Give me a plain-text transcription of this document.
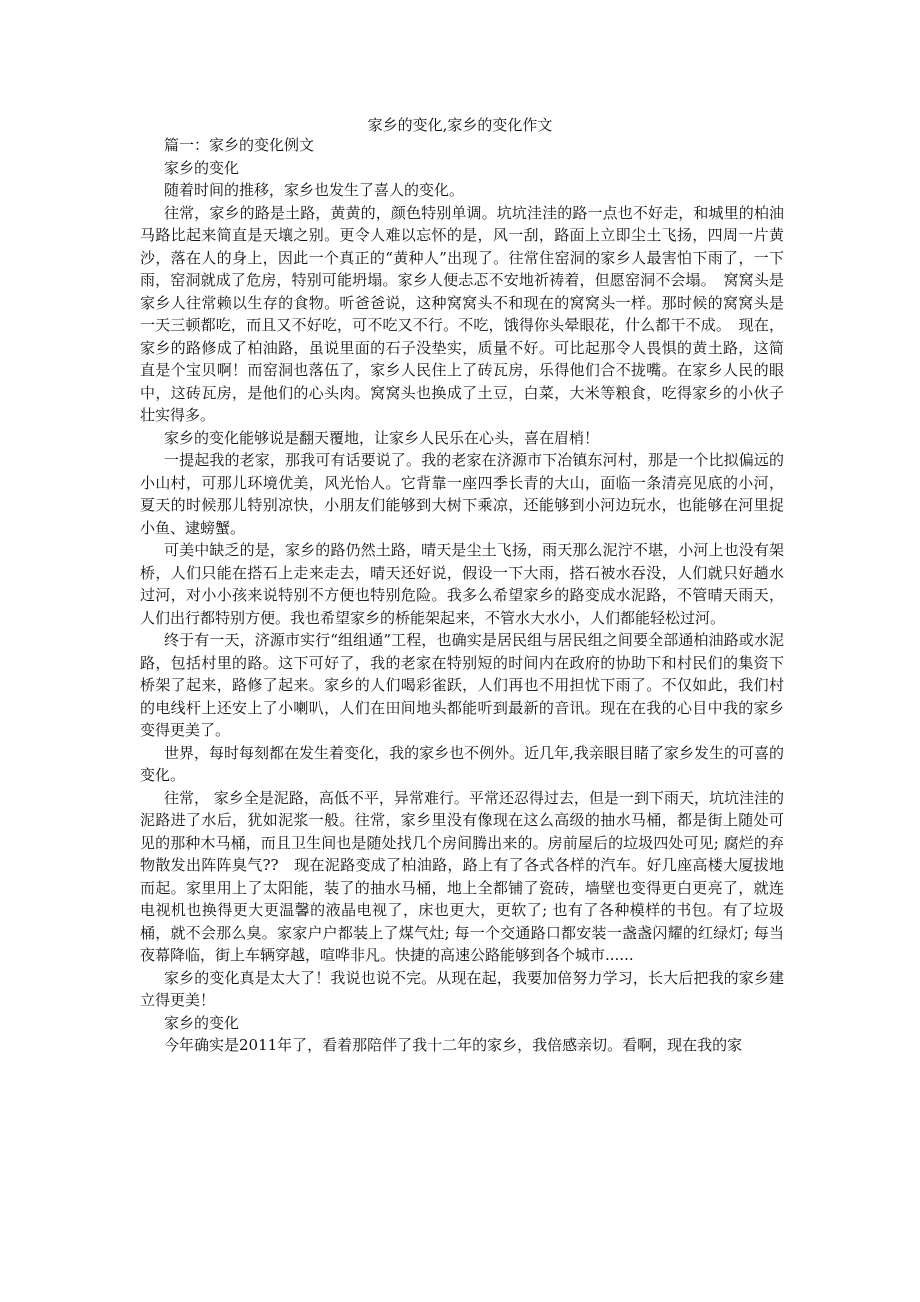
家乡的变化,家乡的变化作文

篇一：家乡的变化例文

家乡的变化

随着时间的推移，家乡也发生了喜人的变化。

往常，家乡的路是土路，黄黄的，颜色特别单调。坑坑洼洼的路一点也不好走，和城里的柏油马路比起来简直是天壤之别。更令人难以忘怀的是，风一刮，路面上立即尘土飞扬，四周一片黄沙，落在人的身上，因此一个真正的“黄种人”出现了。往常住窑洞的家乡人最害怕下雨了，一下雨，窑洞就成了危房，特别可能坍塌。家乡人便忐忑不安地祈祷着，但愿窑洞不会塌。　窝窝头是家乡人往常赖以生存的食物。听爸爸说，这种窝窝头不和现在的窝窝头一样。那时候的窝窝头是一天三顿都吃，而且又不好吃，可不吃又不行。不吃，饿得你头晕眼花，什么都干不成。　现在，家乡的路修成了柏油路，虽说里面的石子没垫实，质量不好。可比起那令人畏惧的黄土路，这简直是个宝贝啊！而窑洞也落伍了，家乡人民住上了砖瓦房，乐得他们合不拢嘴。在家乡人民的眼中，这砖瓦房，是他们的心头肉。窝窝头也换成了土豆，白菜，大米等粮食，吃得家乡的小伙子壮实得多。

家乡的变化能够说是翻天覆地，让家乡人民乐在心头，喜在眉梢！

一提起我的老家，那我可有话要说了。我的老家在济源市下冶镇东河村，那是一个比拟偏远的小山村，可那儿环境优美，风光怡人。它背靠一座四季长青的大山，面临一条清亮见底的小河，夏天的时候那儿特别凉快，小朋友们能够到大树下乘凉，还能够到小河边玩水，也能够在河里捉小鱼、逮螃蟹。

可美中缺乏的是，家乡的路仍然土路，晴天是尘土飞扬，雨天那么泥泞不堪，小河上也没有架桥，人们只能在搭石上走来走去，晴天还好说，假设一下大雨，搭石被水吞没，人们就只好趟水过河，对小小孩来说特别不方便也特别危险。我多么希望家乡的路变成水泥路，不管晴天雨天，人们出行都特别方便。我也希望家乡的桥能架起来，不管水大水小，人们都能轻松过河。

终于有一天，济源市实行“组组通”工程，也确实是居民组与居民组之间要全部通柏油路或水泥路，包括村里的路。这下可好了，我的老家在特别短的时间内在政府的协助下和村民们的集资下桥架了起来，路修了起来。家乡的人们喝彩雀跃，人们再也不用担忧下雨了。不仅如此，我们村的电线杆上还安上了小喇叭，人们在田间地头都能听到最新的音讯。现在在我的心目中我的家乡变得更美了。

世界，每时每刻都在发生着变化，我的家乡也不例外。近几年,我亲眼目睹了家乡发生的可喜的变化。

往常， 家乡全是泥路，高低不平，异常难行。平常还忍得过去，但是一到下雨天，坑坑洼洼的泥路进了水后，犹如泥浆一般。往常，家乡里没有像现在这么高级的抽水马桶，都是街上随处可见的那种木马桶，而且卫生间也是随处找几个房间腾出来的。房前屋后的垃圾四处可见; 腐烂的弃物散发出阵阵臭气??　现在泥路变成了柏油路，路上有了各式各样的汽车。好几座高楼大厦拔地而起。家里用上了太阳能，装了的抽水马桶，地上全都铺了瓷砖，墙壁也变得更白更亮了，就连电视机也换得更大更温馨的液晶电视了，床也更大，更软了; 也有了各种模样的书包。有了垃圾桶，就不会那么臭。家家户户都装上了煤气灶; 每一个交通路口都安装一盏盏闪耀的红绿灯; 每当夜幕降临，街上车辆穿越，喧哗非凡。快捷的高速公路能够到各个城市......

家乡的变化真是太大了！我说也说不完。从现在起，我要加倍努力学习，长大后把我的家乡建立得更美！

家乡的变化

今年确实是2011年了，看着那陪伴了我十二年的家乡，我倍感亲切。看啊，现在我的家
